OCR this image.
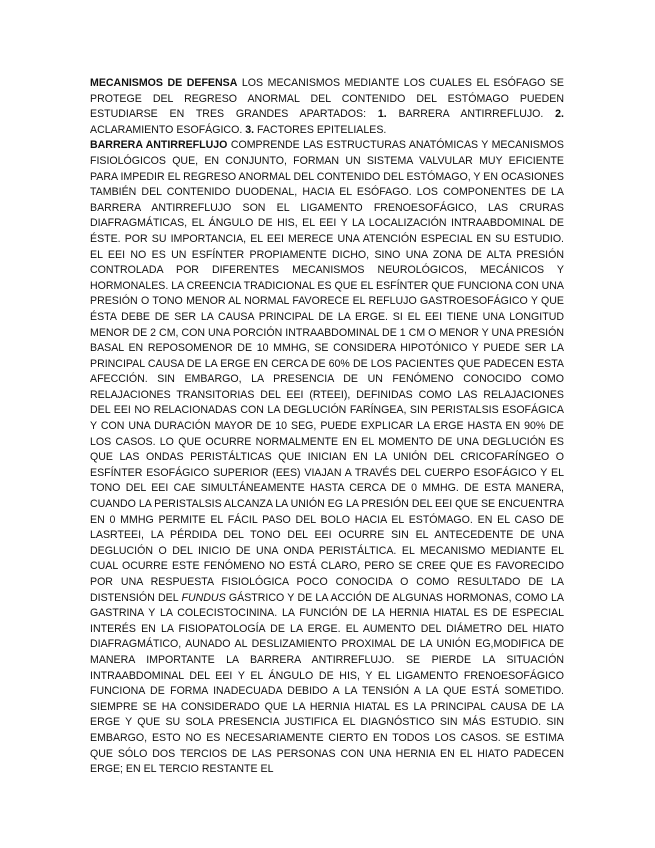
MECANISMOS DE DEFENSA LOS MECANISMOS MEDIANTE LOS CUALES EL ESÓFAGO SE PROTEGE DEL REGRESO ANORMAL DEL CONTENIDO DEL ESTÓMAGO PUEDEN ESTUDIARSE EN TRES GRANDES APARTADOS: 1. BARRERA ANTIRREFLUJO. 2. ACLARAMIENTO ESOFÁGICO. 3. FACTORES EPITELIALES.

BARRERA ANTIRREFLUJO COMPRENDE LAS ESTRUCTURAS ANATÓMICAS Y MECANISMOS FISIOLÓGICOS QUE, EN CONJUNTO, FORMAN UN SISTEMA VALVULAR MUY EFICIENTE PARA IMPEDIR EL REGRESO ANORMAL DEL CONTENIDO DEL ESTÓMAGO, Y EN OCASIONES TAMBIÉN DEL CONTENIDO DUODENAL, HACIA EL ESÓFAGO. LOS COMPONENTES DE LA BARRERA ANTIRREFLUJO SON EL LIGAMENTO FRENOESOFÁGICO, LAS CRURAS DIAFRAGMÁTICAS, EL ÁNGULO DE HIS, EL EEI Y LA LOCALIZACIÓN INTRAABDOMINAL DE ÉSTE. POR SU IMPORTANCIA, EL EEI MERECE UNA ATENCIÓN ESPECIAL EN SU ESTUDIO. EL EEI NO ES UN ESFÍNTER PROPIAMENTE DICHO, SINO UNA ZONA DE ALTA PRESIÓN CONTROLADA POR DIFERENTES MECANISMOS NEUROLÓGICOS, MECÁNICOS Y HORMONALES. LA CREENCIA TRADICIONAL ES QUE EL ESFÍNTER QUE FUNCIONA CON UNA PRESIÓN O TONO MENOR AL NORMAL FAVORECE EL REFLUJO GASTROESOFÁGICO Y QUE ÉSTA DEBE DE SER LA CAUSA PRINCIPAL DE LA ERGE. SI EL EEI TIENE UNA LONGITUD MENOR DE 2 CM, CON UNA PORCIÓN INTRAABDOMINAL DE 1 CM O MENOR Y UNA PRESIÓN BASAL EN REPOSOMENOR DE 10 MMHG, SE CONSIDERA HIPOTÓNICO Y PUEDE SER LA PRINCIPAL CAUSA DE LA ERGE EN CERCA DE 60% DE LOS PACIENTES QUE PADECEN ESTA AFECCIÓN. SIN EMBARGO, LA PRESENCIA DE UN FENÓMENO CONOCIDO COMO RELAJACIONES TRANSITORIAS DEL EEI (RTEEI), DEFINIDAS COMO LAS RELAJACIONES DEL EEI NO RELACIONADAS CON LA DEGLUCIÓN FARÍNGEA, SIN PERISTALSIS ESOFÁGICA Y CON UNA DURACIÓN MAYOR DE 10 SEG, PUEDE EXPLICAR LA ERGE HASTA EN 90% DE LOS CASOS. LO QUE OCURRE NORMALMENTE EN EL MOMENTO DE UNA DEGLUCIÓN ES QUE LAS ONDAS PERISTÁLTICAS QUE INICIAN EN LA UNIÓN DEL CRICOFARÍNGEO O ESFÍNTER ESOFÁGICO SUPERIOR (EES) VIAJAN A TRAVÉS DEL CUERPO ESOFÁGICO Y EL TONO DEL EEI CAE SIMULTÁNEAMENTE HASTA CERCA DE 0 MMHG. DE ESTA MANERA, CUANDO LA PERISTALSIS ALCANZA LA UNIÓN EG LA PRESIÓN DEL EEI QUE SE ENCUENTRA EN 0 MMHG PERMITE EL FÁCIL PASO DEL BOLO HACIA EL ESTÓMAGO. EN EL CASO DE LASRTEEI, LA PÉRDIDA DEL TONO DEL EEI OCURRE SIN EL ANTECEDENTE DE UNA DEGLUCIÓN O DEL INICIO DE UNA ONDA PERISTÁLTICA. EL MECANISMO MEDIANTE EL CUAL OCURRE ESTE FENÓMENO NO ESTÁ CLARO, PERO SE CREE QUE ES FAVORECIDO POR UNA RESPUESTA FISIOLÓGICA POCO CONOCIDA O COMO RESULTADO DE LA DISTENSIÓN DEL FUNDUS GÁSTRICO Y DE LA ACCIÓN DE ALGUNAS HORMONAS, COMO LA GASTRINA Y LA COLECISTOCININA. LA FUNCIÓN DE LA HERNIA HIATAL ES DE ESPECIAL INTERÉS EN LA FISIOPATOLOGÍA DE LA ERGE. EL AUMENTO DEL DIÁMETRO DEL HIATO DIAFRAGMÁTICO, AUNADO AL DESLIZAMIENTO PROXIMAL DE LA UNIÓN EG,MODIFICA DE MANERA IMPORTANTE LA BARRERA ANTIRREFLUJO. SE PIERDE LA SITUACIÓN INTRAABDOMINAL DEL EEI Y EL ÁNGULO DE HIS, Y EL LIGAMENTO FRENOESOFÁGICO FUNCIONA DE FORMA INADECUADA DEBIDO A LA TENSIÓN A LA QUE ESTÁ SOMETIDO. SIEMPRE SE HA CONSIDERADO QUE LA HERNIA HIATAL ES LA PRINCIPAL CAUSA DE LA ERGE Y QUE SU SOLA PRESENCIA JUSTIFICA EL DIAGNÓSTICO SIN MÁS ESTUDIO. SIN EMBARGO, ESTO NO ES NECESARIAMENTE CIERTO EN TODOS LOS CASOS. SE ESTIMA QUE SÓLO DOS TERCIOS DE LAS PERSONAS CON UNA HERNIA EN EL HIATO PADECEN ERGE; EN EL TERCIO RESTANTE EL
